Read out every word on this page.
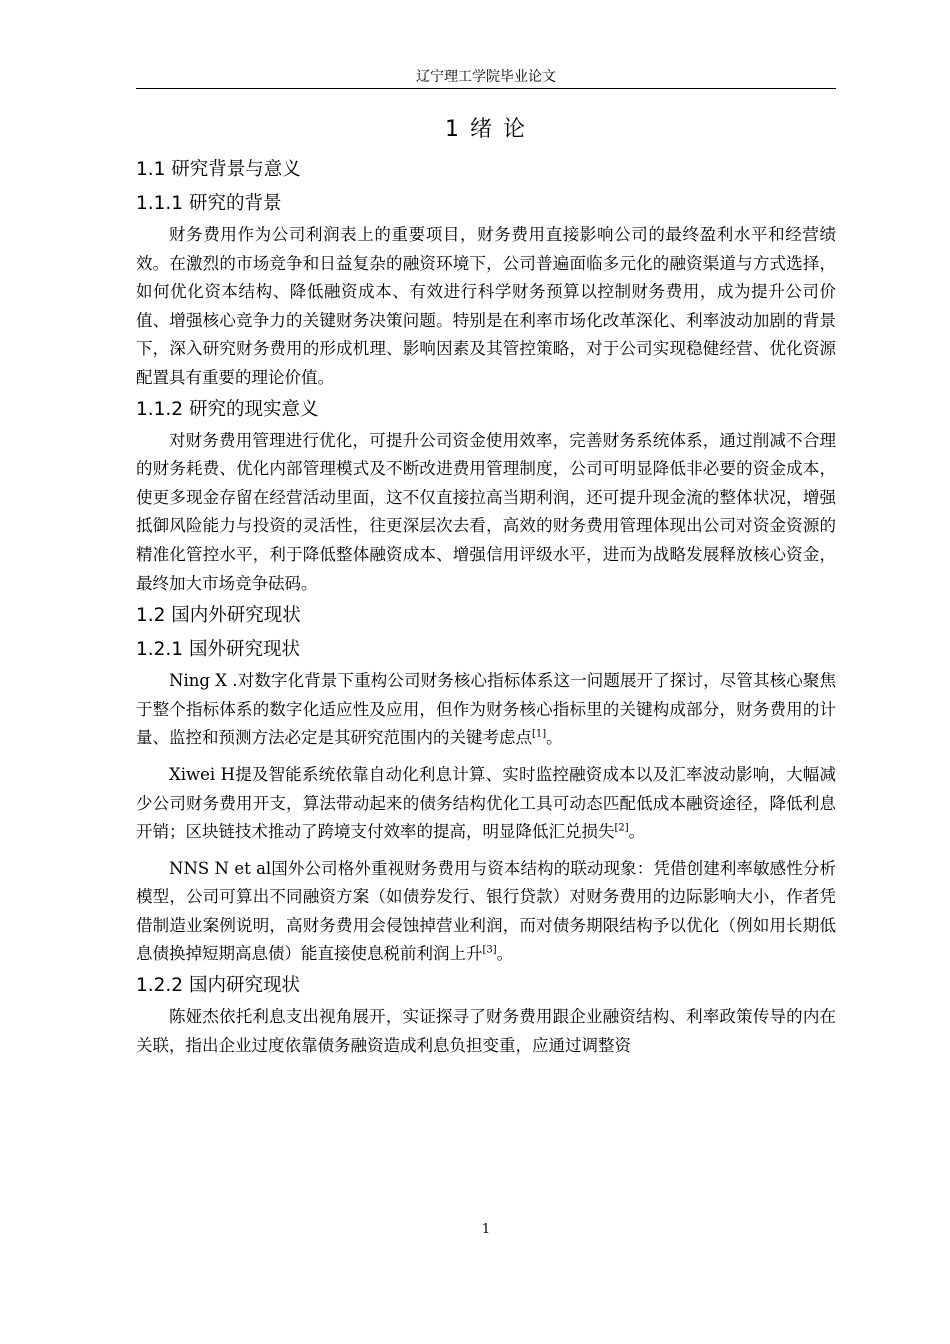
辽宁理工学院毕业论文
1 绪 论
1.1 研究背景与意义
1.1.1 研究的背景

财务费用作为公司利润表上的重要项目，财务费用直接影响公司的最终盈利水平和经营绩效。在激烈的市场竞争和日益复杂的融资环境下，公司普遍面临多元化的融资渠道与方式选择，如何优化资本结构、降低融资成本、有效进行科学财务预算以控制财务费用，成为提升公司价值、增强核心竞争力的关键财务决策问题。特别是在利率市场化改革深化、利率波动加剧的背景下，深入研究财务费用的形成机理、影响因素及其管控策略，对于公司实现稳健经营、优化资源配置具有重要的理论价值。

1.1.2 研究的现实意义

对财务费用管理进行优化，可提升公司资金使用效率，完善财务系统体系，通过削减不合理的财务耗费、优化内部管理模式及不断改进费用管理制度，公司可明显降低非必要的资金成本，使更多现金存留在经营活动里面，这不仅直接拉高当期利润，还可提升现金流的整体状况，增强抵御风险能力与投资的灵活性，往更深层次去看，高效的财务费用管理体现出公司对资金资源的精准化管控水平，利于降低整体融资成本、增强信用评级水平，进而为战略发展释放核心资金，最终加大市场竞争砝码。

1.2 国内外研究现状
1.2.1 国外研究现状

Ning X .对数字化背景下重构公司财务核心指标体系这一问题展开了探讨，尽管其核心聚焦于整个指标体系的数字化适应性及应用，但作为财务核心指标里的关键构成部分，财务费用的计量、监控和预测方法必定是其研究范围内的关键考虑点[1]。

Xiwei H提及智能系统依靠自动化利息计算、实时监控融资成本以及汇率波动影响，大幅减少公司财务费用开支，算法带动起来的债务结构优化工具可动态匹配低成本融资途径，降低利息开销；区块链技术推动了跨境支付效率的提高，明显降低汇兑损失[2]。

NNS N et al国外公司格外重视财务费用与资本结构的联动现象：凭借创建利率敏感性分析模型，公司可算出不同融资方案（如债券发行、银行贷款）对财务费用的边际影响大小，作者凭借制造业案例说明，高财务费用会侵蚀掉营业利润，而对债务期限结构予以优化（例如用长期低息债换掉短期高息债）能直接使息税前利润上升[3]。

1.2.2 国内研究现状

陈娅杰依托利息支出视角展开，实证探寻了财务费用跟企业融资结构、利率政策传导的内在关联，指出企业过度依靠债务融资造成利息负担变重，应通过调整资

1
